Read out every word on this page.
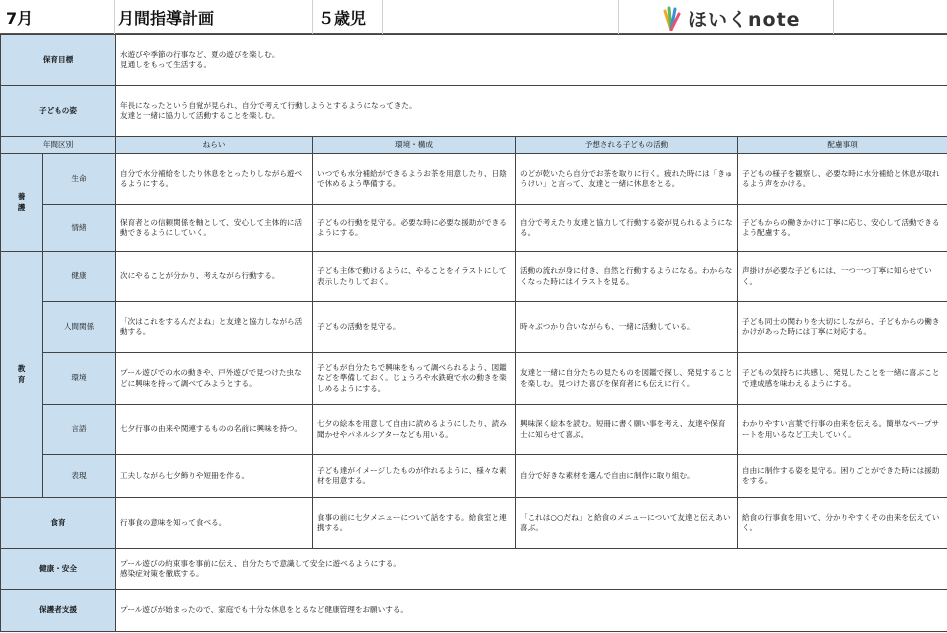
7月	月間指導計画	５歳児	ほいくnote
保育目標		水遊びや季節の行事など、夏の遊びを楽しむ。
見通しをもって生活する。			

子どもの姿		年長になったという自覚が見られ、自分で考えて行動しようとするようになってきた。
友達と一緒に協力して活動することを楽しむ。			

年間区別		ねらい	環境・構成	予想される子どもの活動	配慮事項
養護	生命	自分で水分補給をしたり休息をとったりしながら遊べるようにする。	いつでも水分補給ができるようお茶を用意したり、日陰で休めるよう準備する。	のどが乾いたら自分でお茶を取りに行く。疲れた時には「きゅうけい」と言って、友達と一緒に休息をとる。	子どもの様子を観察し、必要な時に水分補給と休息が取れるよう声をかける。
	情緒	保育者との信頼関係を軸として、安心して主体的に活動できるようにしていく。	子どもの行動を見守る。必要な時に必要な援助ができるようにする。	自分で考えたり友達と協力して行動する姿が見られるようになる。	子どもからの働きかけに丁寧に応じ、安心して活動できるよう配慮する。
教育	健康	次にやることが分かり、考えながら行動する。	子ども主体で動けるように、やることをイラストにして表示したりしておく。	活動の流れが身に付き、自然と行動するようになる。わからなくなった時にはイラストを見る。	声掛けが必要な子どもには、一つ一つ丁寧に知らせていく。
	人間関係	「次はこれをするんだよね」と友達と協力しながら活動する。	子どもの活動を見守る。	時々ぶつかり合いながらも、一緒に活動している。	子ども同士の関わりを大切にしながら、子どもからの働きかけがあった時には丁寧に対応する。
	環境	プール遊びでの水の動きや、戸外遊びで見つけた虫などに興味を持って調べてみようとする。	子どもが自分たちで興味をもって調べられるよう、図鑑などを準備しておく。じょうろや水鉄砲で水の動きを楽しめるようにする。	友達と一緒に自分たちの見たものを図鑑で探し、発見することを楽しむ。見つけた喜びを保育者にも伝えに行く。	子どもの気持ちに共感し、発見したことを一緒に喜ぶことで達成感を味わえるようにする。
	言語	七夕行事の由来や関連するものの名前に興味を持つ。	七夕の絵本を用意して自由に読めるようにしたり、読み聞かせやパネルシアターなども用いる。	興味深く絵本を読む。短冊に書く願い事を考え、友達や保育士に知らせて喜ぶ。	わかりやすい言葉で行事の由来を伝える。簡単なペープサートを用いるなど工夫していく。
	表現	工夫しながら七夕飾りや短冊を作る。	子ども達がイメージしたものが作れるように、様々な素材を用意する。	自分で好きな素材を選んで自由に制作に取り組む。	自由に制作する姿を見守る。困りごとができた時には援助をする。
食育		行事食の意味を知って食べる。	食事の前に七夕メニューについて話をする。給食室と連携する。	「これは○○だね」と給食のメニューについて友達と伝えあい喜ぶ。	給食の行事食を用いて、分かりやすくその由来を伝えていく。
健康・安全		プール遊びの約束事を事前に伝え、自分たちで意識して安全に遊べるようにする。
感染症対策を徹底する。			

保護者支援		プール遊びが始まったので、家庭でも十分な休息をとるなど健康管理をお願いする。			
